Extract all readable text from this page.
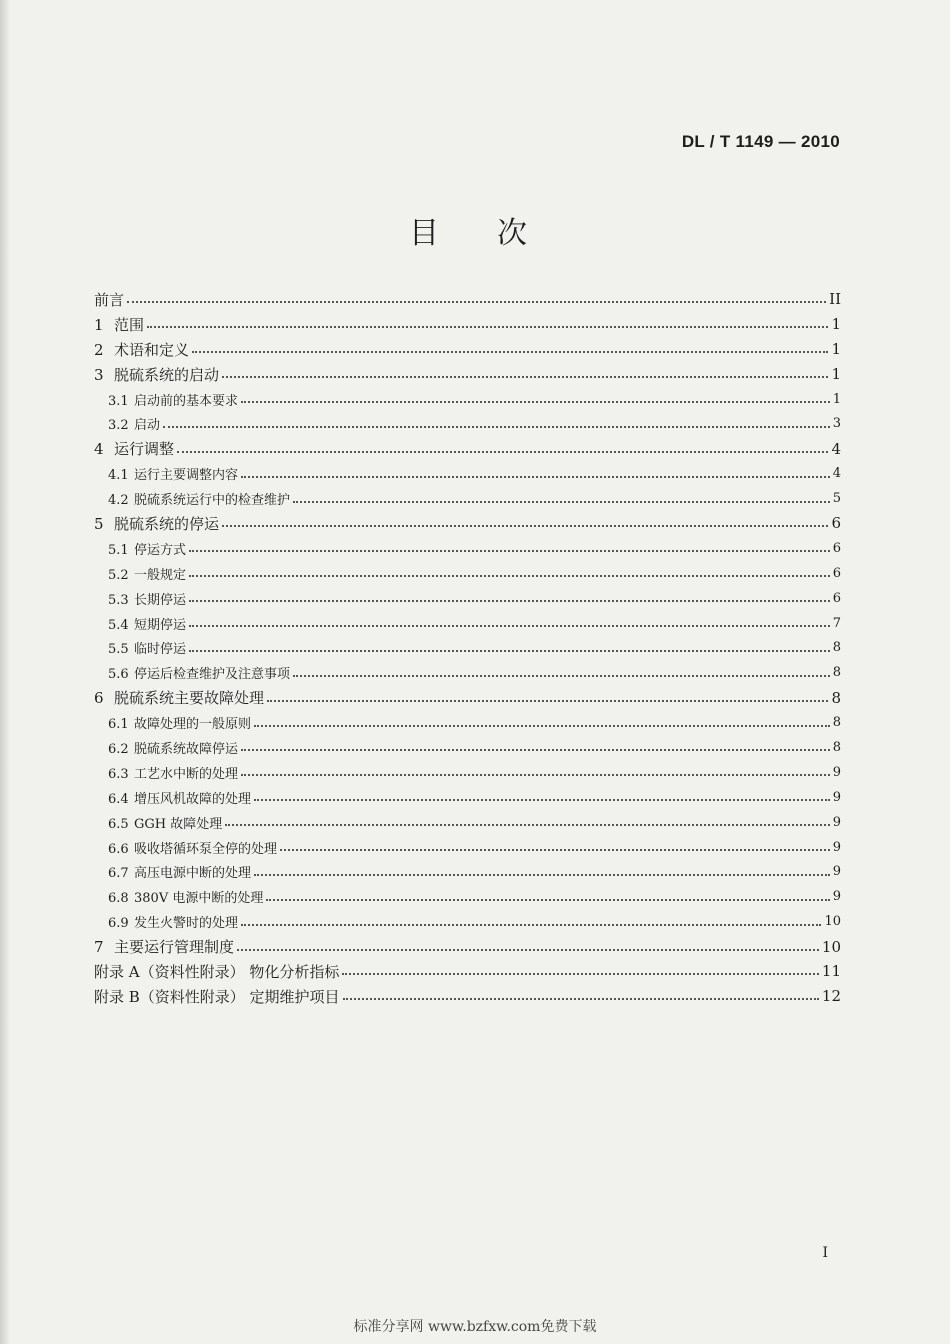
DL / T 1149 — 2010
目　次
前言	II
1 范围	1
2 术语和定义	1
3 脱硫系统的启动	1
3.1 启动前的基本要求	1
3.2 启动	3
4 运行调整	4
4.1 运行主要调整内容	4
4.2 脱硫系统运行中的检查维护	5
5 脱硫系统的停运	6
5.1 停运方式	6
5.2 一般规定	6
5.3 长期停运	6
5.4 短期停运	7
5.5 临时停运	8
5.6 停运后检查维护及注意事项	8
6 脱硫系统主要故障处理	8
6.1 故障处理的一般原则	8
6.2 脱硫系统故障停运	8
6.3 工艺水中断的处理	9
6.4 增压风机故障的处理	9
6.5 GGH 故障处理	9
6.6 吸收塔循环泵全停的处理	9
6.7 高压电源中断的处理	9
6.8 380V 电源中断的处理	9
6.9 发生火警时的处理	10
7 主要运行管理制度	10
附录 A（资料性附录） 物化分析指标	11
附录 B（资料性附录） 定期维护项目	12
I
标准分享网 www.bzfxw.com免费下载
